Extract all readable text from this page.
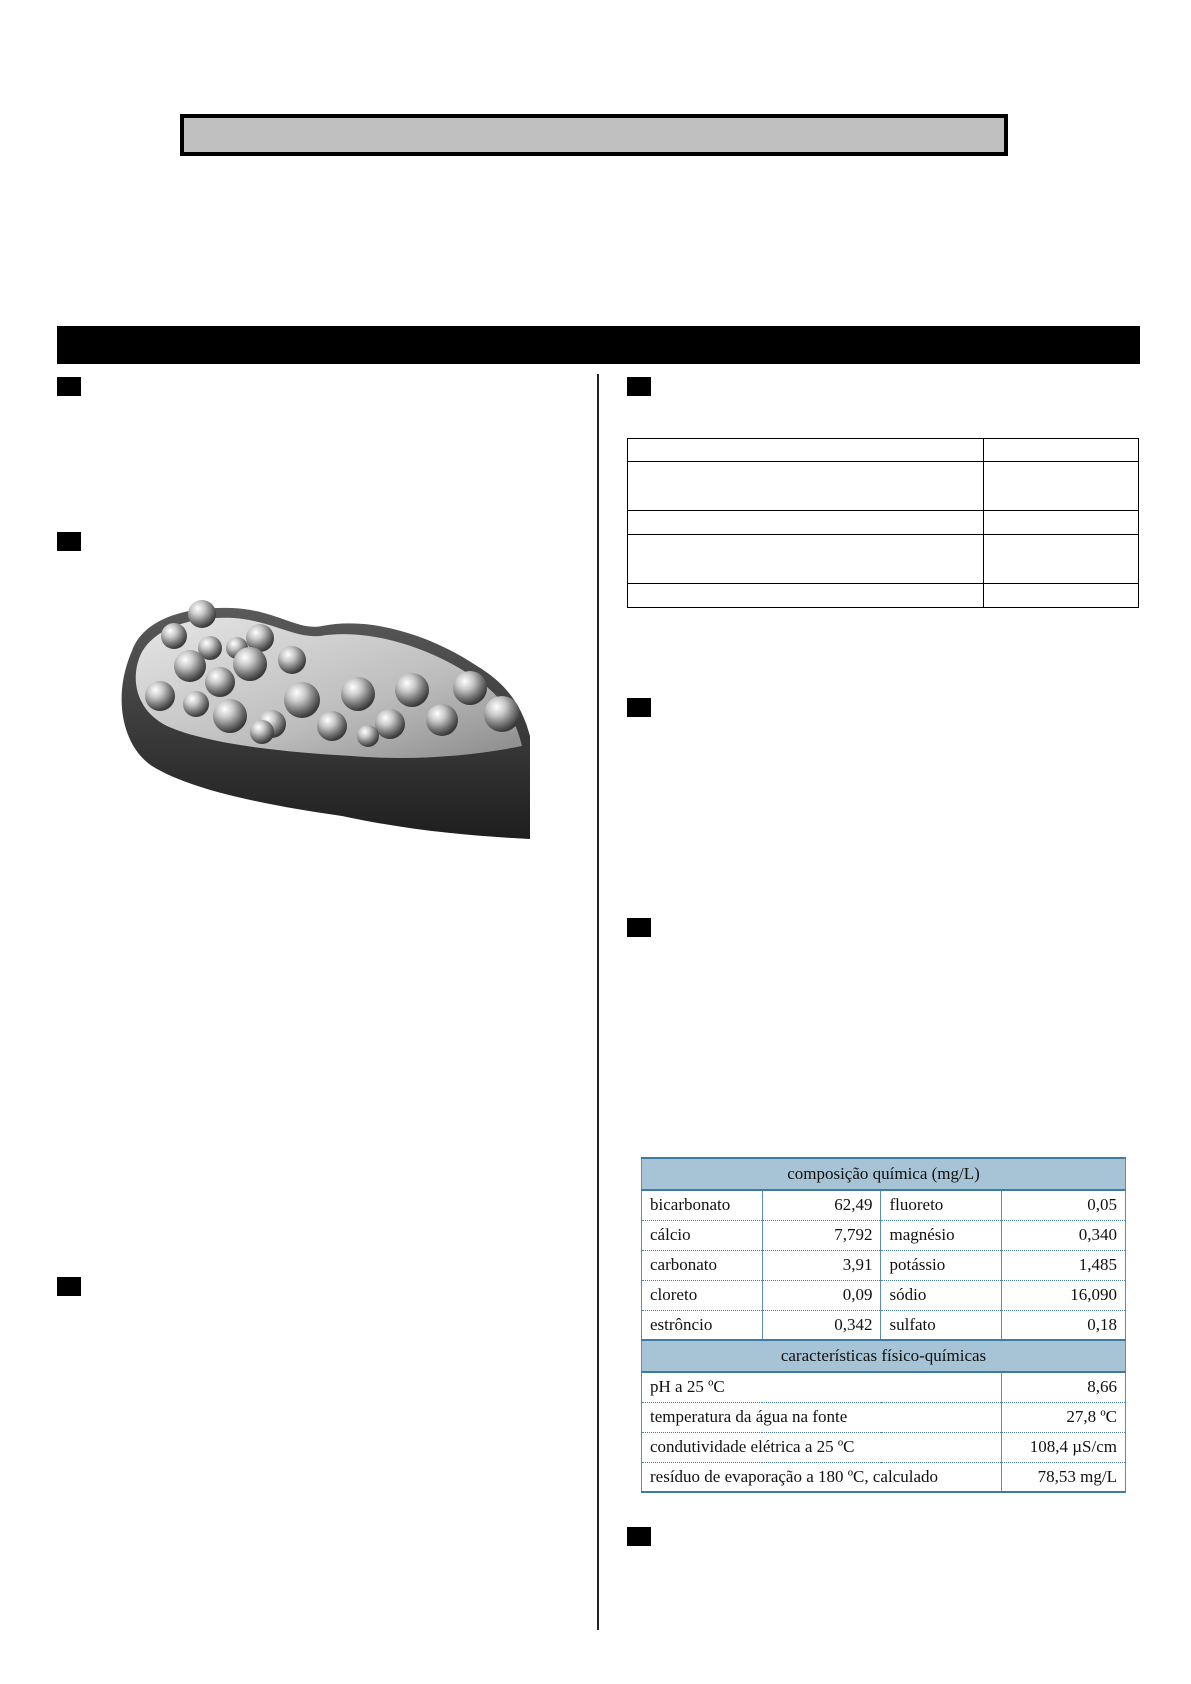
composição química (mg/L)			
bicarbonato	62,49	fluoreto	0,05
cálcio	7,792	magnésio	0,340
carbonato	3,91	potássio	1,485
cloreto	0,09	sódio	16,090
estrôncio	0,342	sulfato	0,18
características físico-químicas			
pH a 25 ºC			8,66
temperatura da água na fonte			27,8 ºC
condutividade elétrica a 25 ºC			108,4 µS/cm
resíduo de evaporação a 180 ºC, calculado			78,53 mg/L
